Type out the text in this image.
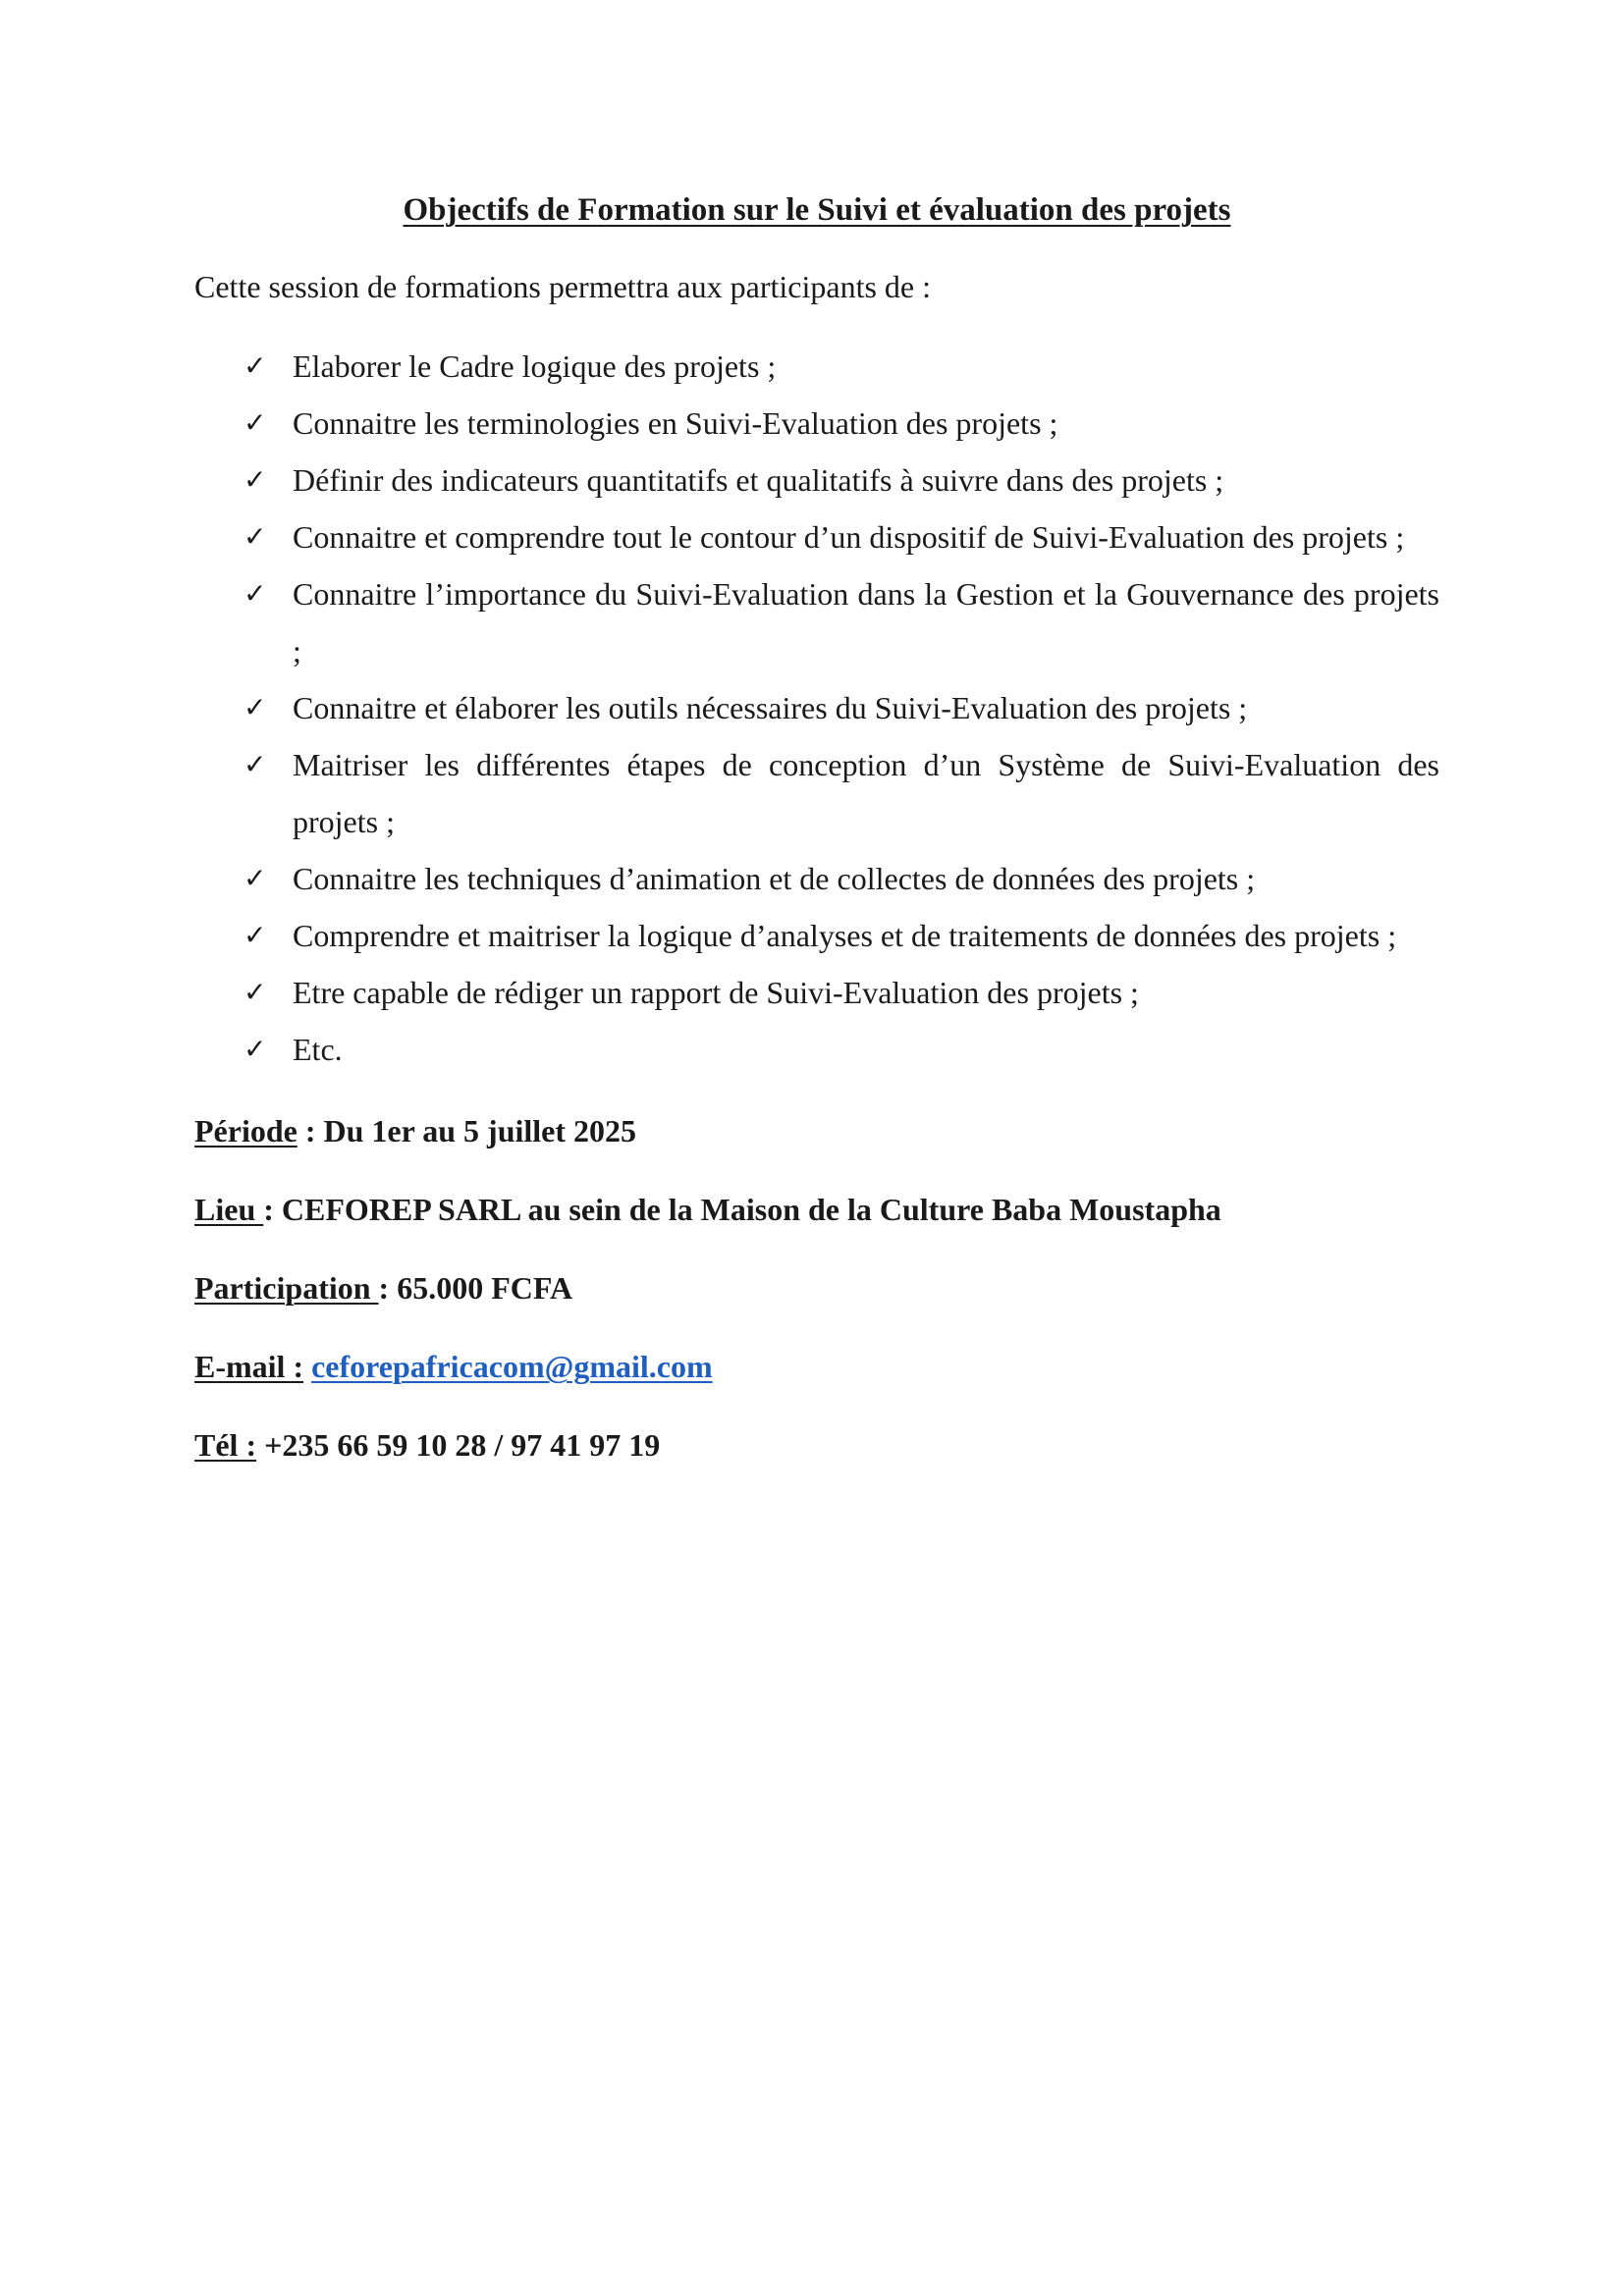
Objectifs de Formation sur le Suivi et évaluation des projets

Cette session de formations permettra aux participants de :

✓ Elaborer le Cadre logique des projets ;
✓ Connaitre les terminologies en Suivi-Evaluation des projets ;
✓ Définir des indicateurs quantitatifs et qualitatifs à suivre dans des projets ;
✓ Connaitre et comprendre tout le contour d’un dispositif de Suivi-Evaluation des projets ;
✓ Connaitre l’importance du Suivi-Evaluation dans la Gestion et la Gouvernance des projets ;
✓ Connaitre et élaborer les outils nécessaires du Suivi-Evaluation des projets ;
✓ Maitriser les différentes étapes de conception d’un Système de Suivi-Evaluation des projets ;
✓ Connaitre les techniques d’animation et de collectes de données des projets ;
✓ Comprendre et maitriser la logique d’analyses et de traitements de données des projets ;
✓ Etre capable de rédiger un rapport de Suivi-Evaluation des projets ;
✓ Etc.

Période : Du 1er au 5 juillet 2025

Lieu : CEFOREP SARL au sein de la Maison de la Culture Baba Moustapha

Participation : 65.000 FCFA

E-mail : ceforepafricacom@gmail.com

Tél : +235 66 59 10 28 / 97 41 97 19
